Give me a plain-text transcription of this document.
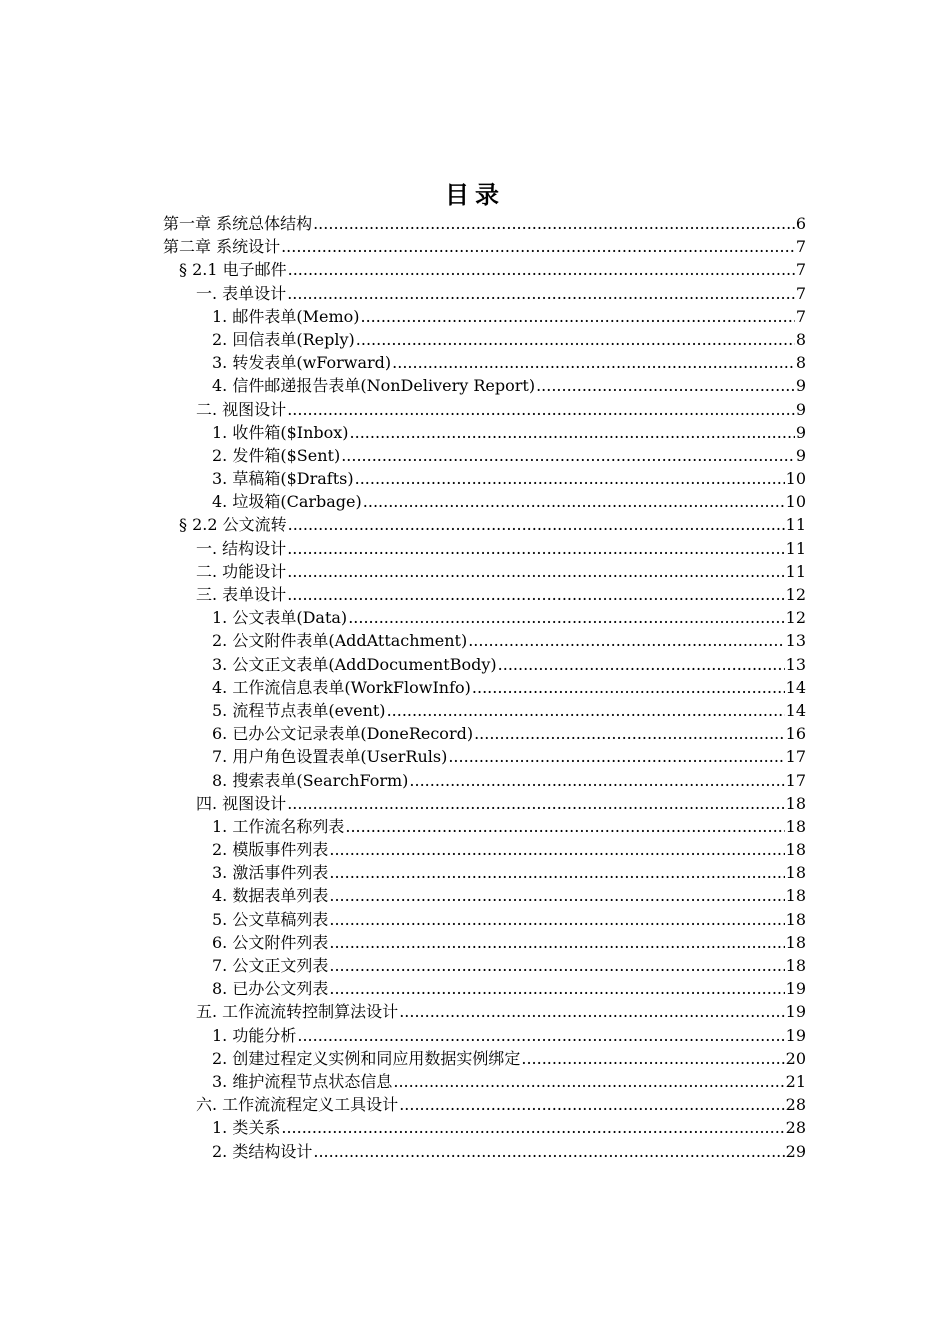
目录
第一章 系统总体结构 .....	6
第二章 系统设计 .....	7
§ 2.1 电子邮件 .....	7
一. 表单设计 .....	7
1. 邮件表单(Memo) .....	7
2. 回信表单(Reply) .....	8
3. 转发表单(wForward) .....	8
4. 信件邮递报告表单(NonDelivery Report) .....	9
二. 视图设计 .....	9
1. 收件箱($Inbox) .....	9
2. 发件箱($Sent) .....	9
3. 草稿箱($Drafts) .....	10
4. 垃圾箱(Carbage) .....	10
§ 2.2 公文流转 .....	11
一. 结构设计 .....	11
二. 功能设计 .....	11
三. 表单设计 .....	12
1. 公文表单(Data) .....	12
2. 公文附件表单(AddAttachment) .....	13
3. 公文正文表单(AddDocumentBody) .....	13
4. 工作流信息表单(WorkFlowInfo) .....	14
5. 流程节点表单(event) .....	14
6. 已办公文记录表单(DoneRecord) .....	16
7. 用户角色设置表单(UserRuls) .....	17
8. 搜索表单(SearchForm) .....	17
四. 视图设计 .....	18
1. 工作流名称列表 .....	18
2. 模版事件列表 .....	18
3. 激活事件列表 .....	18
4. 数据表单列表 .....	18
5. 公文草稿列表 .....	18
6. 公文附件列表 .....	18
7. 公文正文列表 .....	18
8. 已办公文列表 .....	19
五. 工作流流转控制算法设计 .....	19
1. 功能分析 .....	19
2. 创建过程定义实例和同应用数据实例绑定 .....	20
3. 维护流程节点状态信息 .....	21
六. 工作流流程定义工具设计 .....	28
1. 类关系 .....	28
2. 类结构设计 .....	29
